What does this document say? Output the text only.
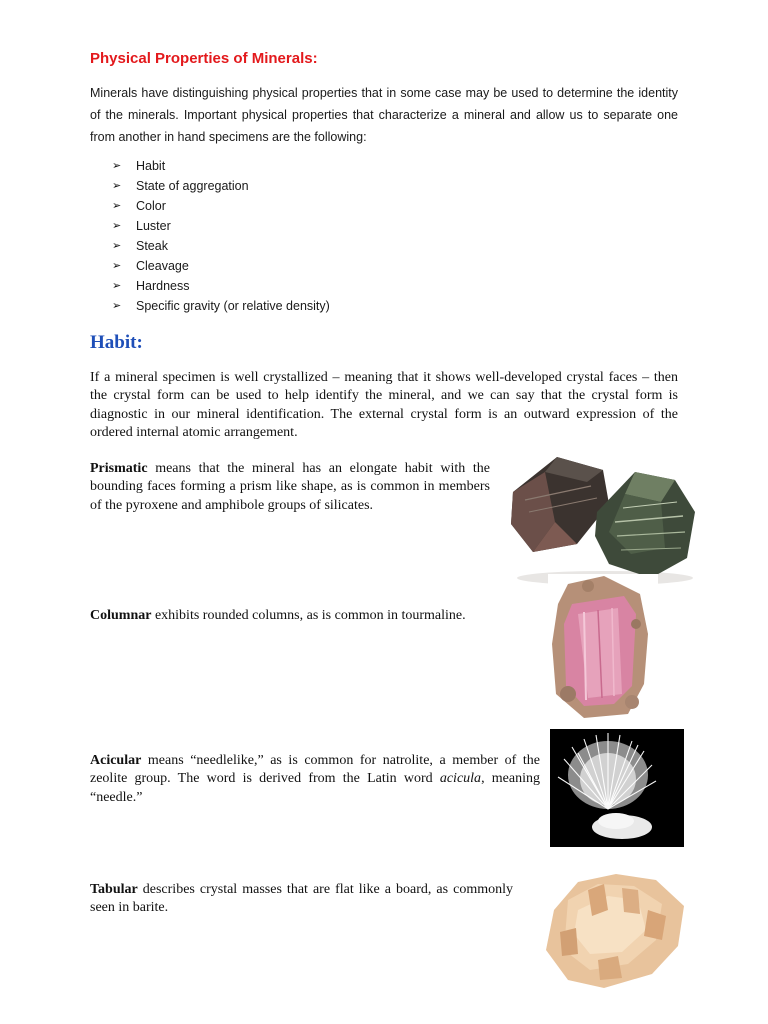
Physical Properties of Minerals:
Minerals have distinguishing physical properties that in some case may be used to determine the identity of the minerals. Important physical properties that characterize a mineral and allow us to separate one from another in hand specimens are the following:
➢	Habit
➢	State of aggregation
➢	Color
➢	Luster
➢	Steak
➢	Cleavage
➢	Hardness
➢	Specific gravity (or relative density)
Habit:
If a mineral specimen is well crystallized – meaning that it shows well-developed crystal faces – then the crystal form can be used to help identify the mineral, and we can say that the crystal form is diagnostic in our mineral identification. The external crystal form is an outward expression of the ordered internal atomic arrangement.
Prismatic means that the mineral has an elongate habit with the bounding faces forming a prism like shape, as is common in members of the pyroxene and amphibole groups of silicates.
Columnar exhibits rounded columns, as is common in tourmaline.
Acicular means “needlelike,” as is common for natrolite, a member of the zeolite group. The word is derived from the Latin word acicula, meaning “needle.”
Tabular describes crystal masses that are flat like a board, as commonly seen in barite.
